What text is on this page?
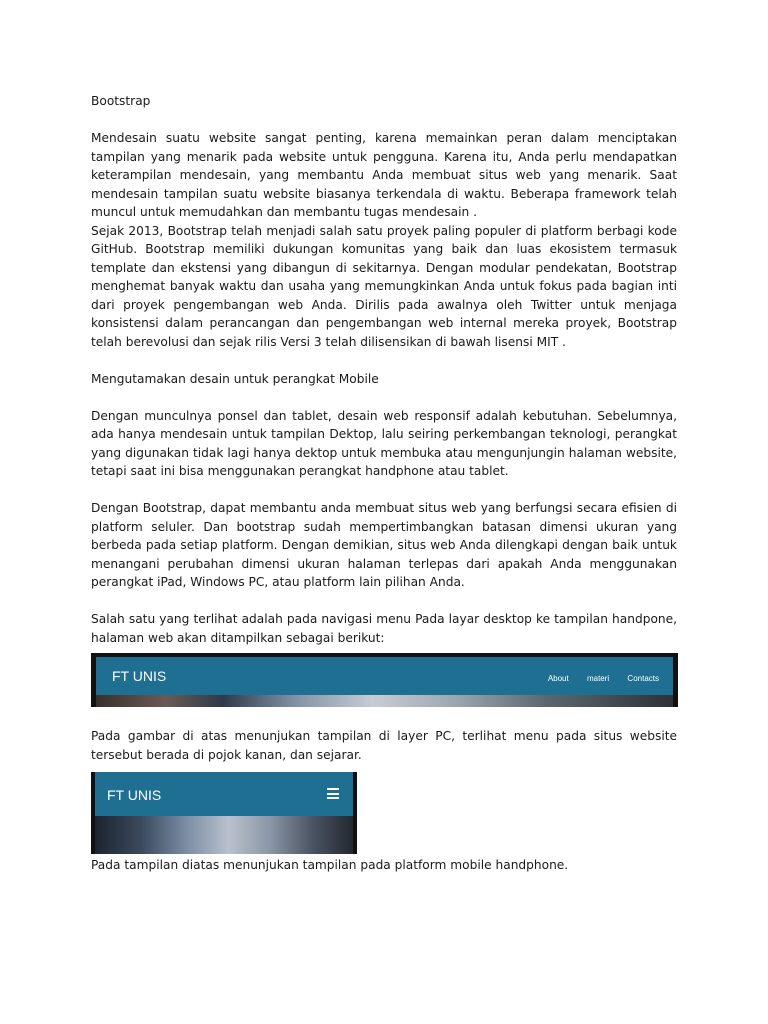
Bootstrap

Mendesain suatu website sangat penting, karena memainkan peran dalam menciptakan tampilan yang menarik pada website untuk pengguna. Karena itu, Anda perlu mendapatkan keterampilan mendesain, yang membantu Anda membuat situs web yang menarik. Saat mendesain tampilan suatu website biasanya terkendala di waktu. Beberapa framework telah muncul untuk memudahkan dan membantu tugas mendesain .

Sejak 2013, Bootstrap telah menjadi salah satu proyek paling populer di platform berbagi kode GitHub. Bootstrap memiliki dukungan komunitas yang baik dan luas ekosistem termasuk template dan ekstensi yang dibangun di sekitarnya. Dengan modular pendekatan, Bootstrap menghemat banyak waktu dan usaha yang memungkinkan Anda untuk fokus pada bagian inti dari proyek pengembangan web Anda. Dirilis pada awalnya oleh Twitter untuk menjaga konsistensi dalam perancangan dan pengembangan web internal mereka proyek, Bootstrap telah berevolusi dan sejak rilis Versi 3 telah dilisensikan di bawah lisensi MIT .

Mengutamakan desain untuk perangkat Mobile

Dengan munculnya ponsel dan tablet, desain web responsif adalah kebutuhan. Sebelumnya, ada hanya mendesain untuk tampilan Dektop, lalu seiring perkembangan teknologi, perangkat yang digunakan tidak lagi hanya dektop untuk membuka atau mengunjungin halaman website, tetapi saat ini bisa menggunakan perangkat handphone atau tablet.

Dengan Bootstrap, dapat membantu anda membuat situs web yang berfungsi secara efisien di platform seluler. Dan bootstrap sudah mempertimbangkan batasan dimensi ukuran yang berbeda pada setiap platform. Dengan demikian, situs web Anda dilengkapi dengan baik untuk menangani perubahan dimensi ukuran halaman terlepas dari apakah Anda menggunakan perangkat iPad, Windows PC, atau platform lain pilihan Anda.

Salah satu yang terlihat adalah pada navigasi menu Pada layar desktop ke tampilan handpone, halaman web akan ditampilkan sebagai berikut:

FT UNIS	About materi Contacts

Pada gambar di atas menunjukan tampilan di layer PC, terlihat menu pada situs website tersebut berada di pojok kanan, dan sejarar.

FT UNIS

Pada tampilan diatas menunjukan tampilan pada platform mobile handphone.
